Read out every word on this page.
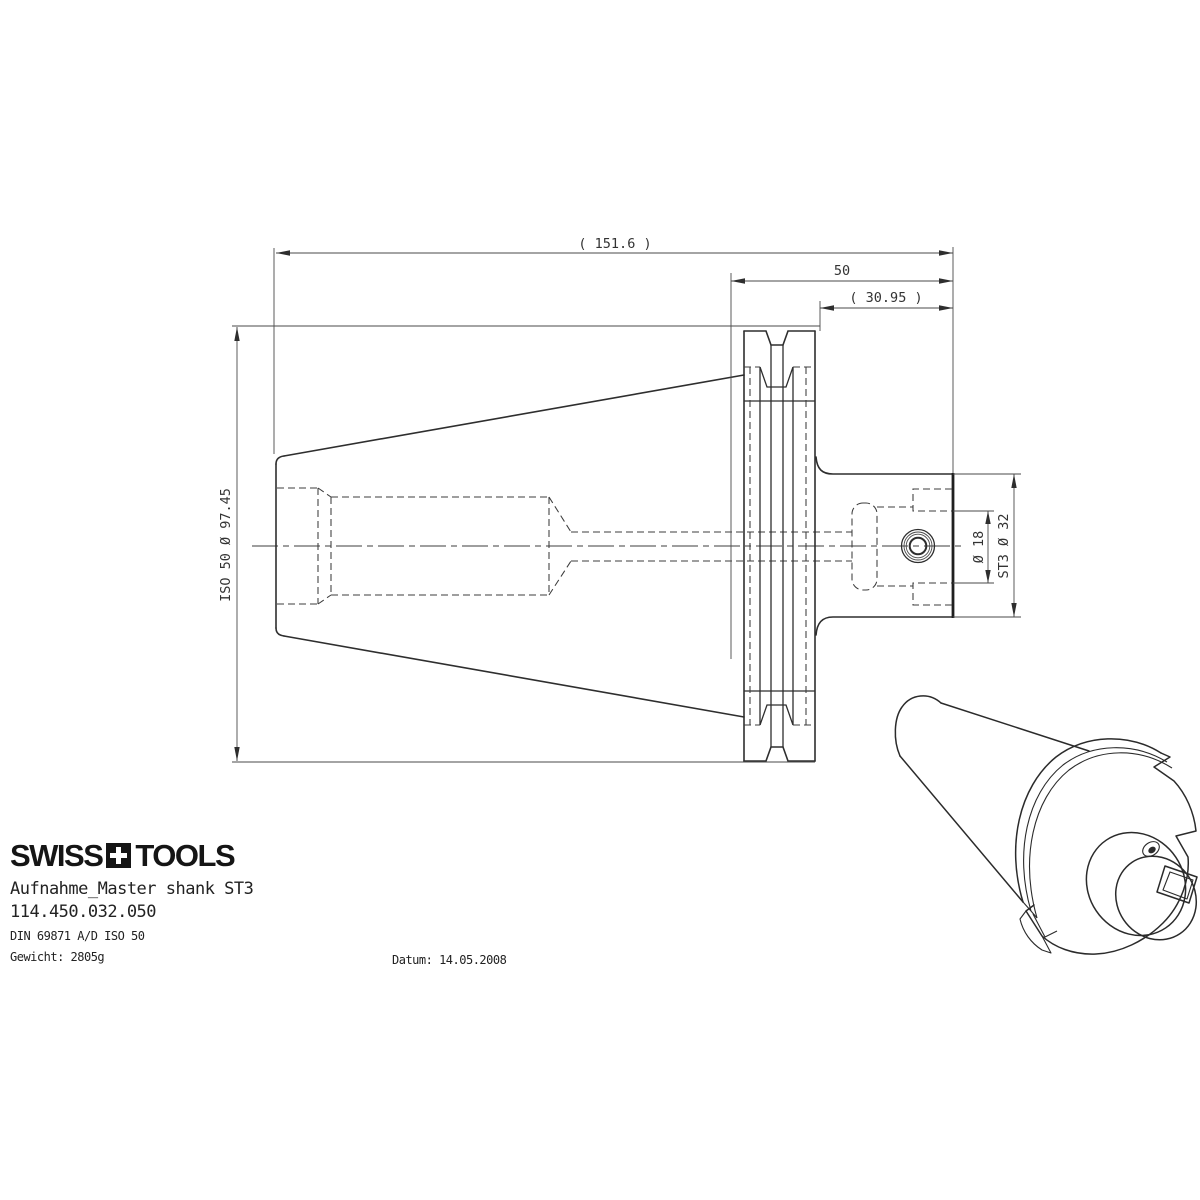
( 151.6 )
50
( 30.95 )
ISO 50 Ø 97.45	Ø 18 ST3 Ø 32
SWISS TOOLS
Aufnahme_Master shank ST3
114.450.032.050
DIN 69871 A/D ISO 50
Gewicht: 2805g	Datum: 14.05.2008
